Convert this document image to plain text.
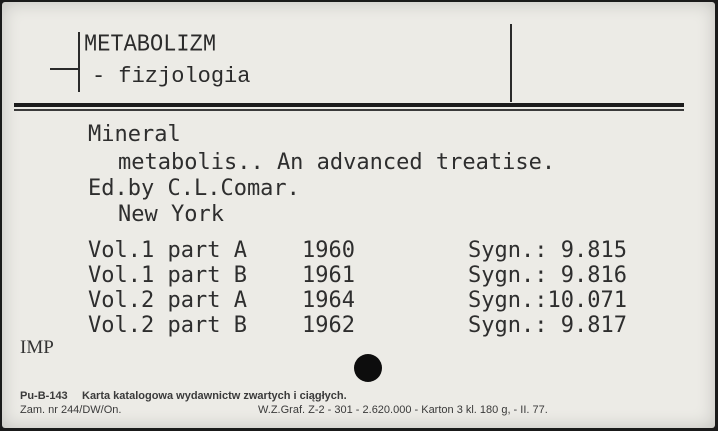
METABOLIZM
- fizjologia
Mineral
metabolis.. An advanced treatise.
Ed.by C.L.Comar.
New York
Vol.1 part A	1960	Sygn.: 9.815
Vol.1 part B	1961	Sygn.: 9.816
Vol.2 part A	1964	Sygn.:10.071
Vol.2 part B	1962	Sygn.: 9.817
IMP
Pu-B-143 Karta katalogowa wydawnictw zwartych i ciągłych.
Zam. nr 244/DW/On.	W.Z.Graf. Z-2 - 301 - 2.620.000 - Karton 3 kl. 180 g, - II. 77.
